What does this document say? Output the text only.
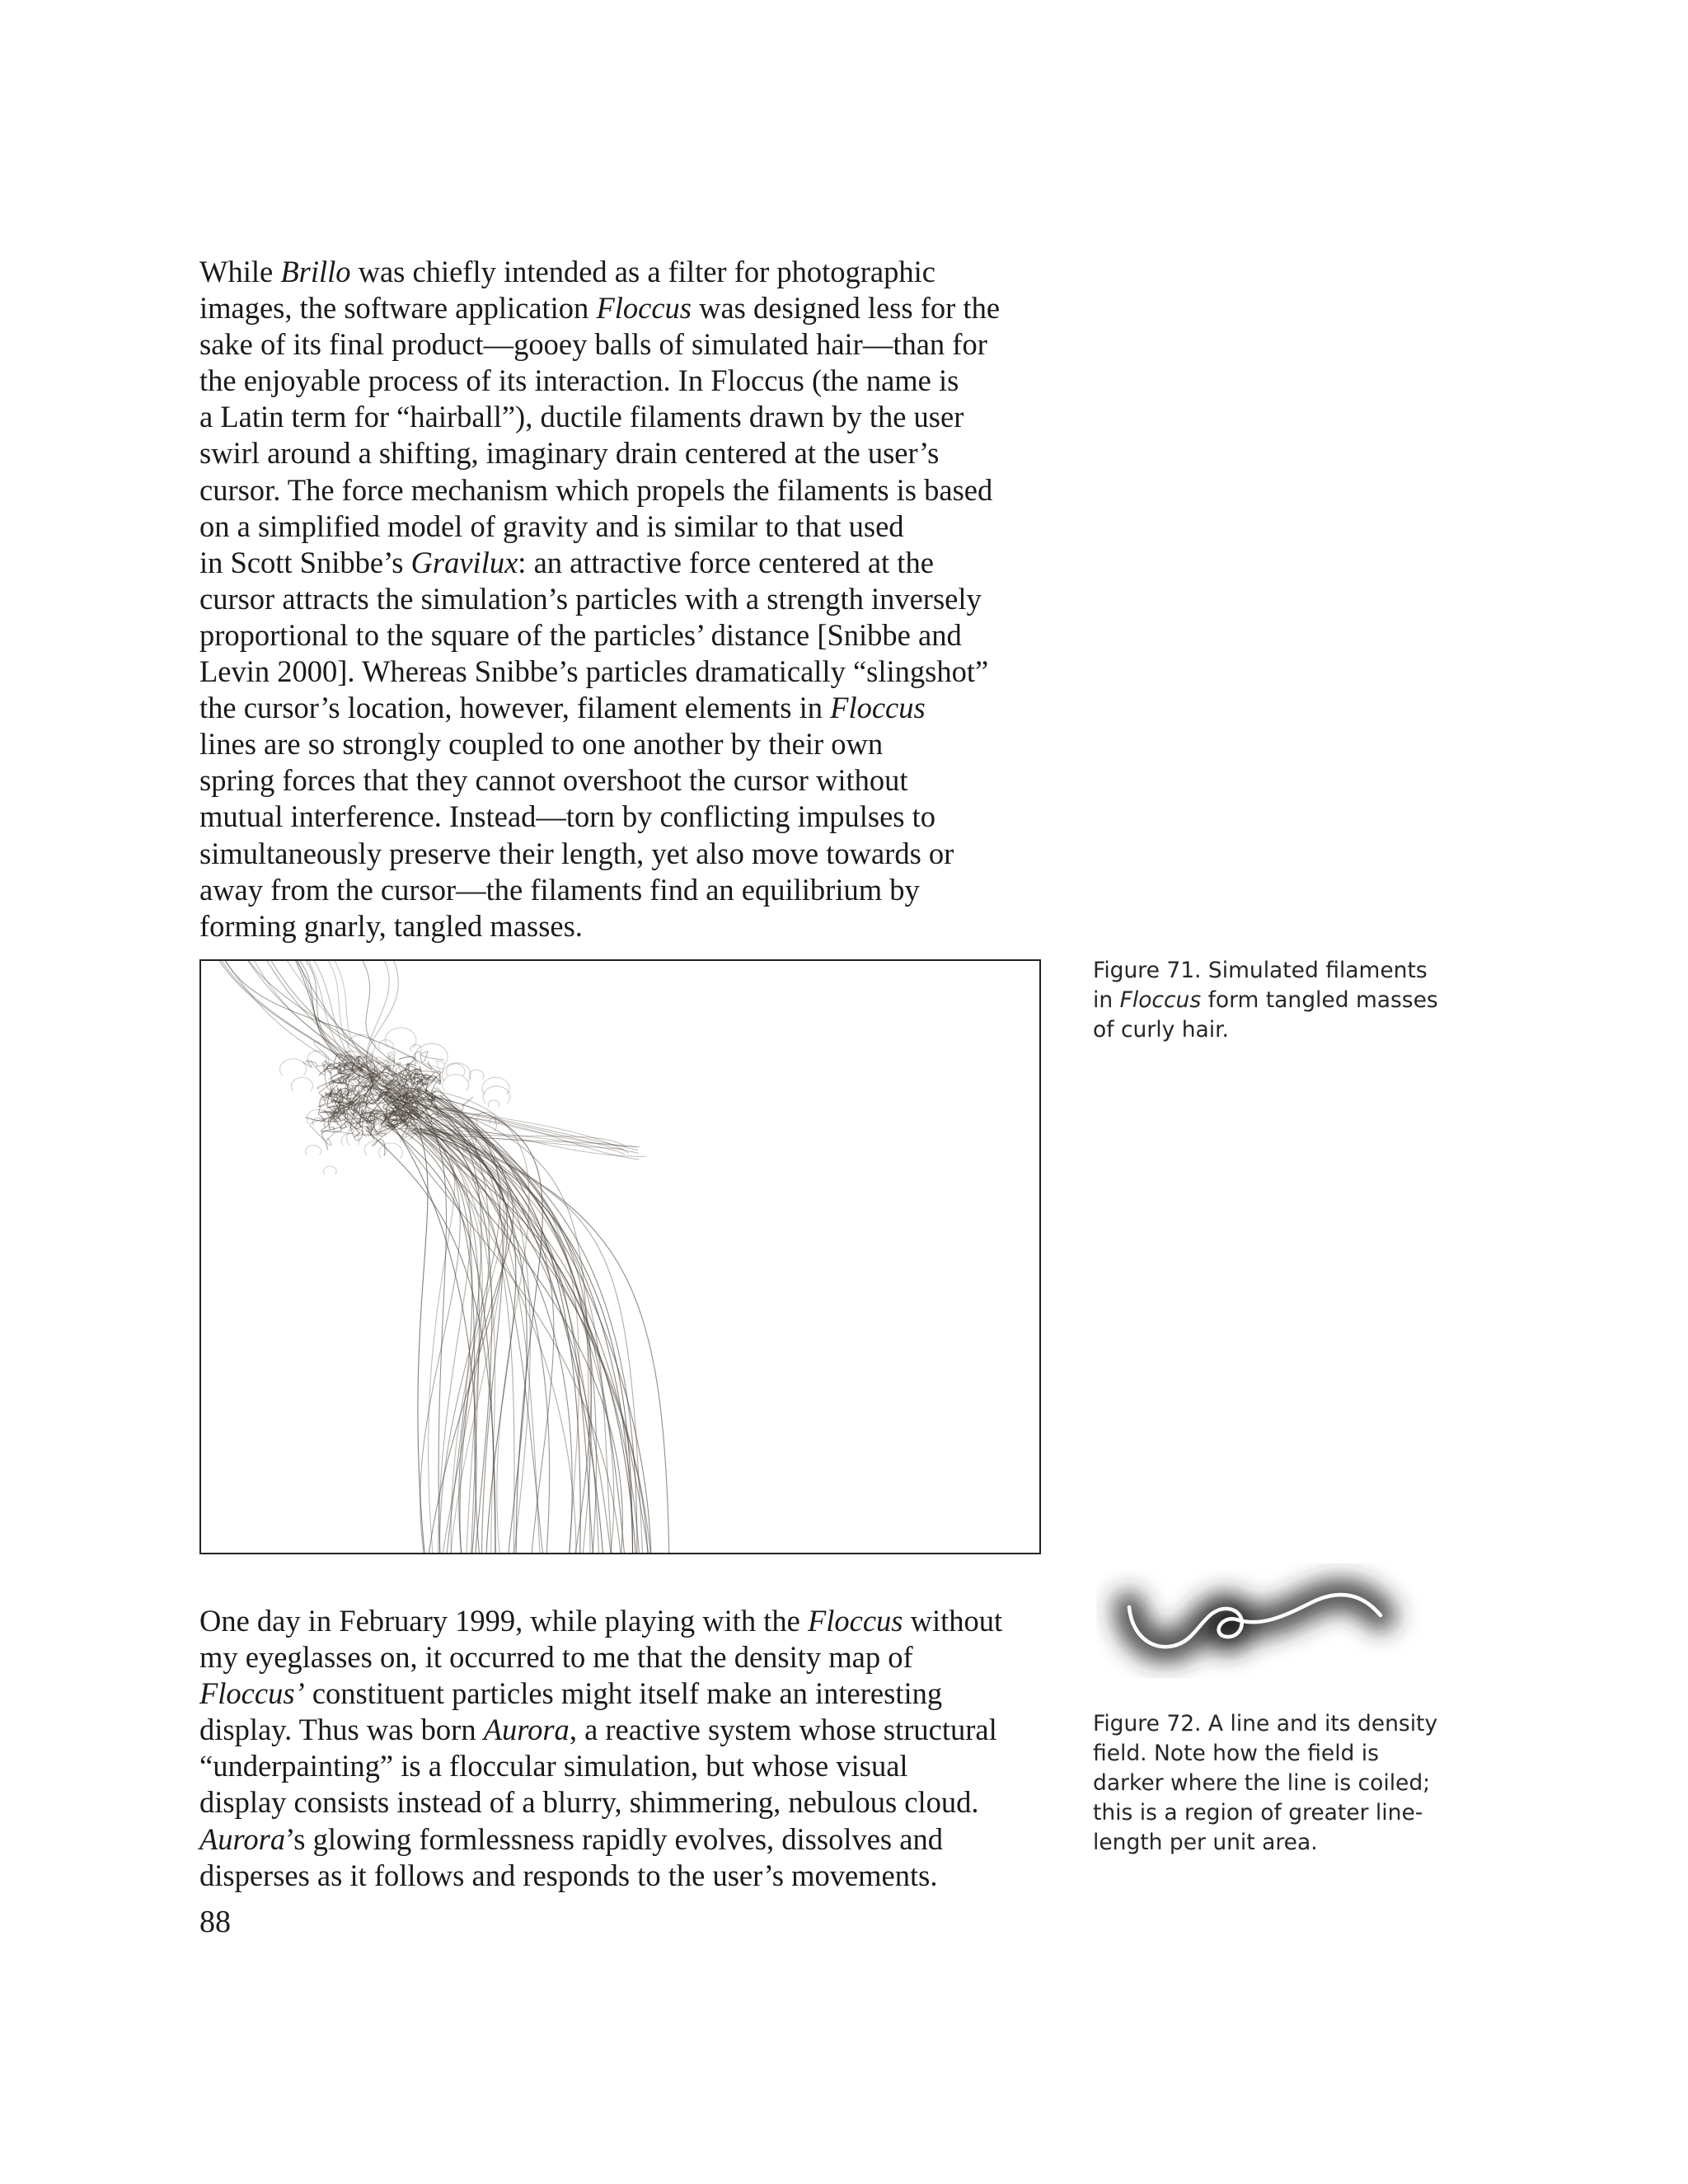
While Brillo was chiefly intended as a filter for photographic
images, the software application Floccus was designed less for the
sake of its final product—gooey balls of simulated hair—than for
the enjoyable process of its interaction. In Floccus (the name is
a Latin term for “hairball”), ductile filaments drawn by the user
swirl around a shifting, imaginary drain centered at the user’s
cursor. The force mechanism which propels the filaments is based
on a simplified model of gravity and is similar to that used
in Scott Snibbe’s Gravilux: an attractive force centered at the
cursor attracts the simulation’s particles with a strength inversely
proportional to the square of the particles’ distance [Snibbe and
Levin 2000]. Whereas Snibbe’s particles dramatically “slingshot”
the cursor’s location, however, filament elements in Floccus
lines are so strongly coupled to one another by their own
spring forces that they cannot overshoot the cursor without
mutual interference. Instead—torn by conflicting impulses to
simultaneously preserve their length, yet also move towards or
away from the cursor—the filaments find an equilibrium by
forming gnarly, tangled masses.

Figure 71. Simulated filaments
in Floccus form tangled masses
of curly hair.

Figure 72. A line and its density
field. Note how the field is
darker where the line is coiled;
this is a region of greater line-
length per unit area.

One day in February 1999, while playing with the Floccus without
my eyeglasses on, it occurred to me that the density map of
Floccus’ constituent particles might itself make an interesting
display. Thus was born Aurora, a reactive system whose structural
“underpainting” is a floccular simulation, but whose visual
display consists instead of a blurry, shimmering, nebulous cloud.
Aurora’s glowing formlessness rapidly evolves, dissolves and
disperses as it follows and responds to the user’s movements.

88
